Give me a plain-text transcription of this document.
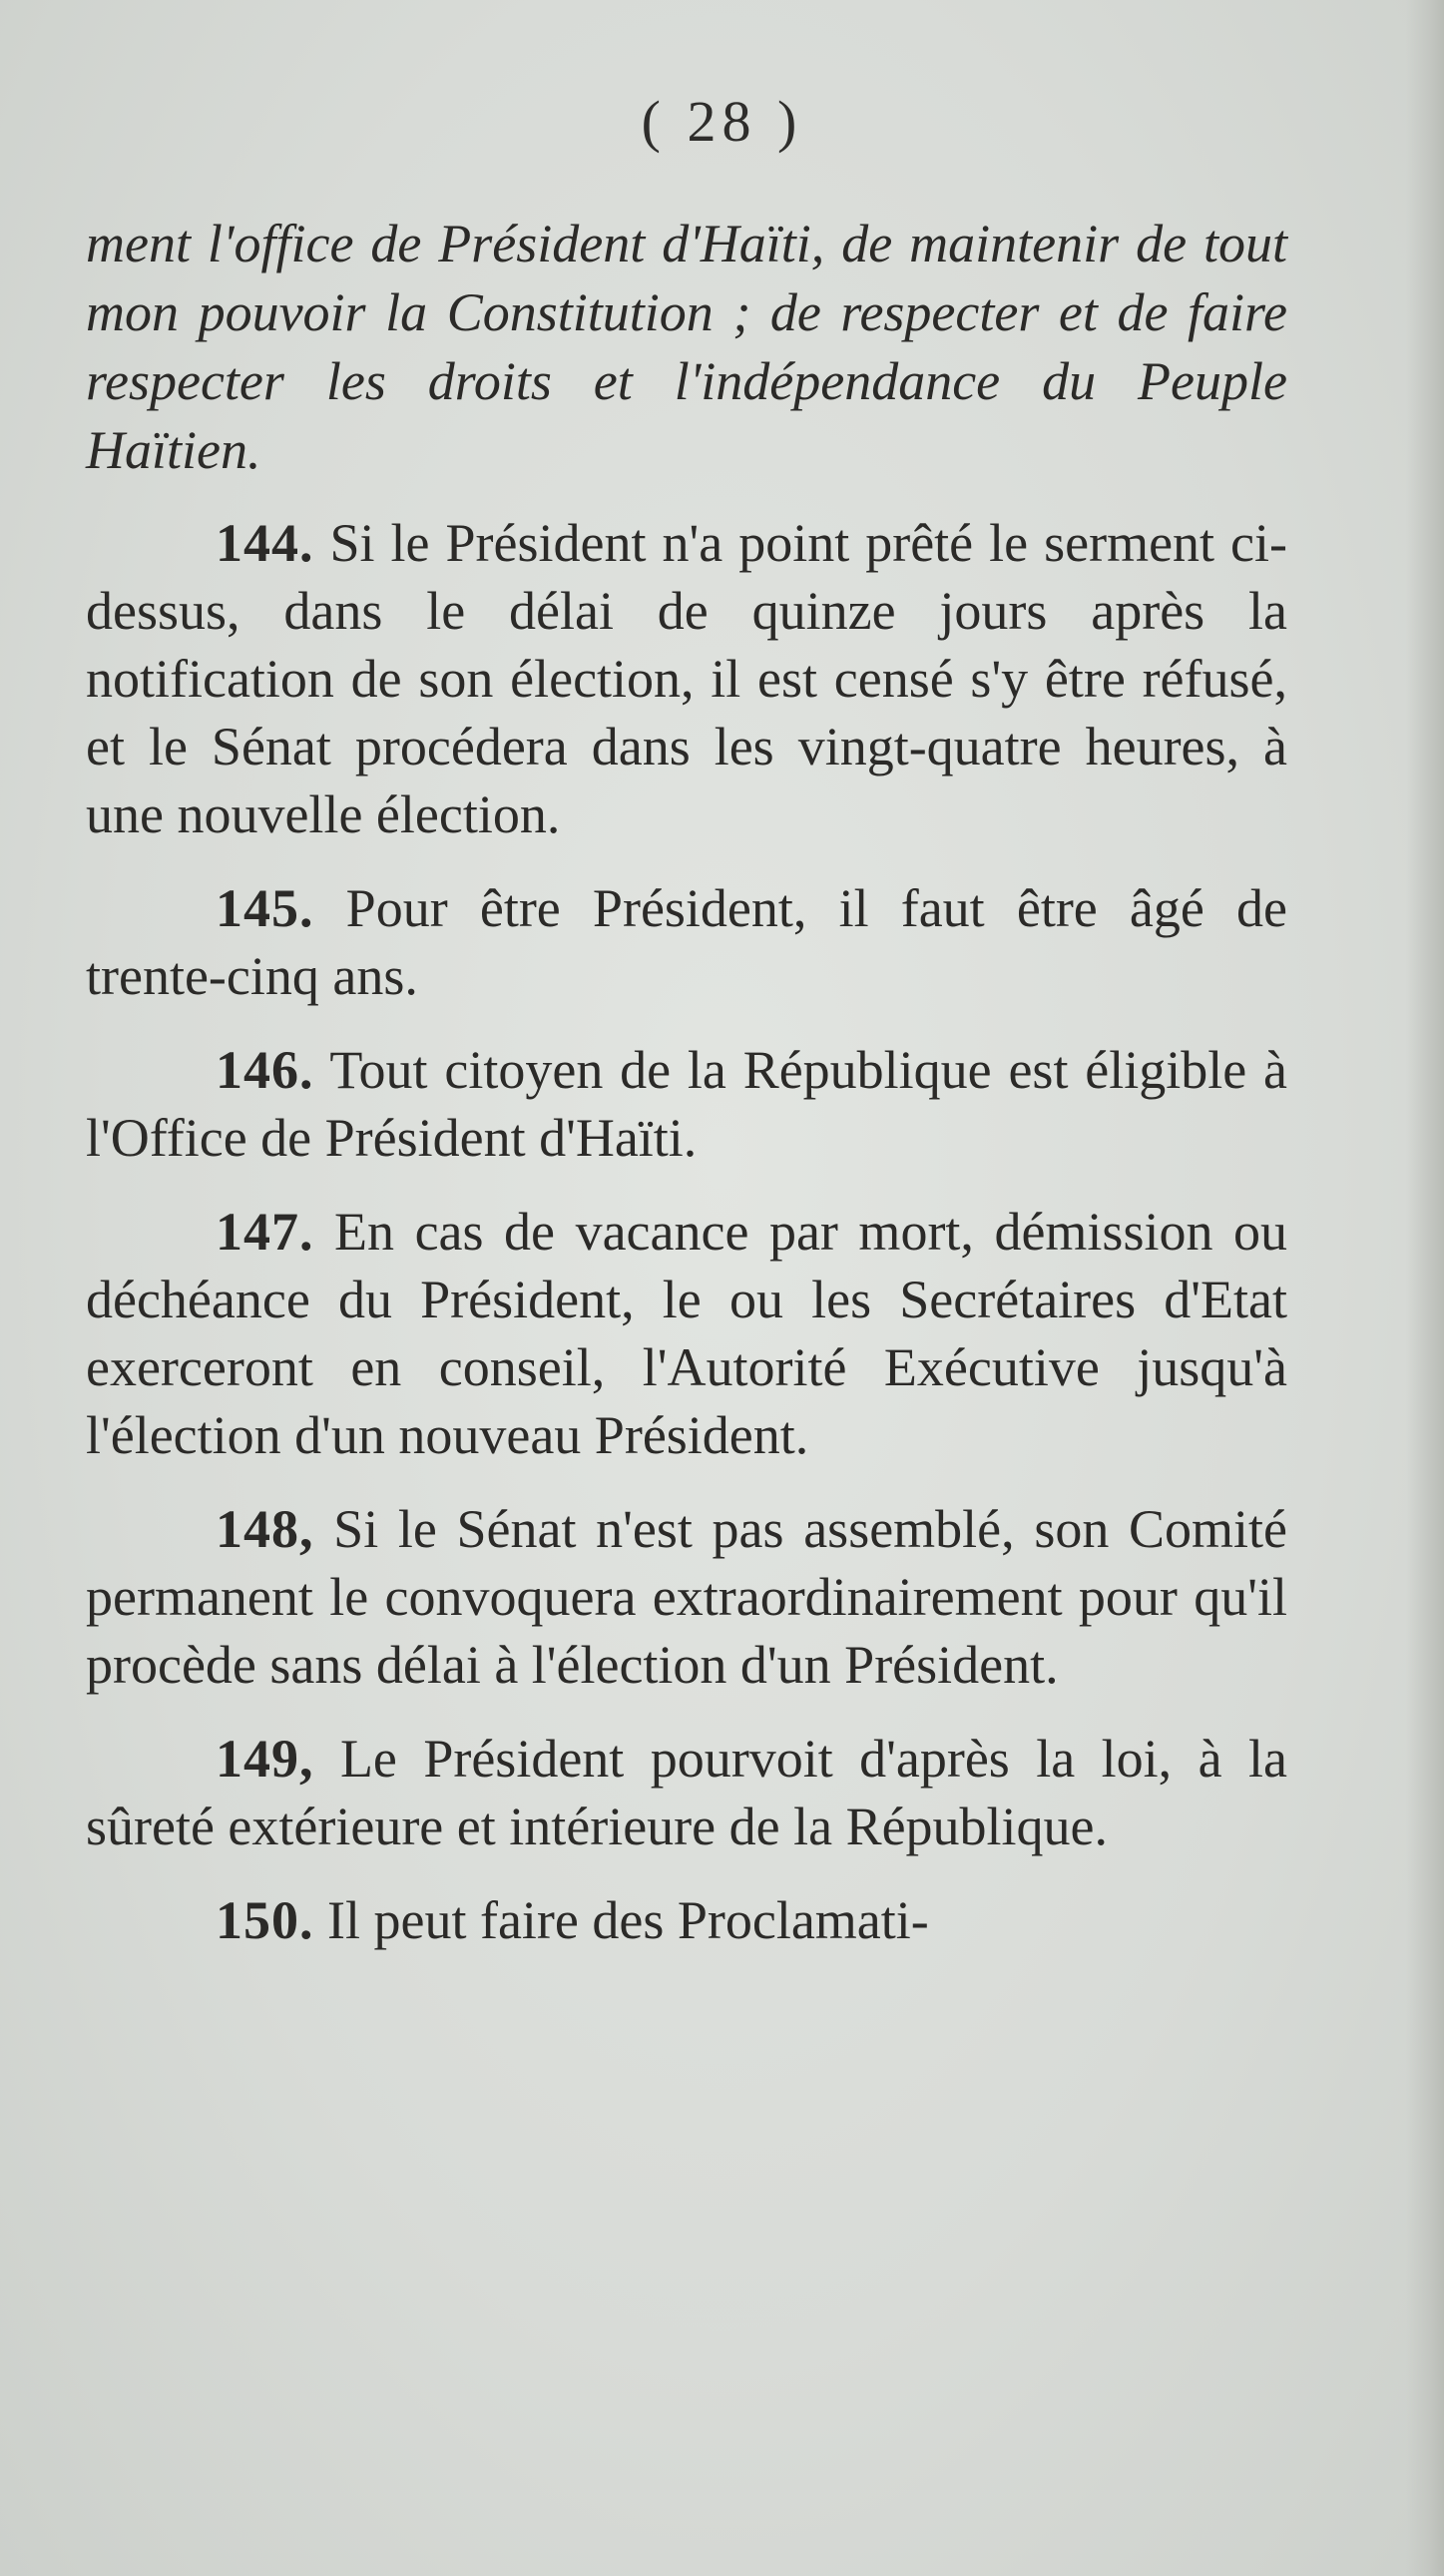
( 28 )

ment l'office de Président d'Haïti, de maintenir de tout mon pouvoir la Constitution ; de respecter et de faire respecter les droits et l'indépendance du Peuple Haïtien.

144. Si le Président n'a point prêté le serment ci-dessus, dans le délai de quinze jours après la notification de son élection, il est censé s'y être réfusé, et le Sénat procédera dans les vingt-quatre heures, à une nouvelle élection.

145. Pour être Président, il faut être âgé de trente-cinq ans.

146. Tout citoyen de la République est éligible à l'Office de Président d'Haïti.

147. En cas de vacance par mort, démission ou déchéance du Président, le ou les Secrétaires d'Etat exerceront en conseil, l'Autorité Exécutive jusqu'à l'élection d'un nouveau Président.

148, Si le Sénat n'est pas assemblé, son Comité permanent le convoquera extraordinairement pour qu'il procède sans délai à l'élection d'un Président.

149, Le Président pourvoit d'après la loi, à la sûreté extérieure et intérieure de la République.

150. Il peut faire des Proclamati-
